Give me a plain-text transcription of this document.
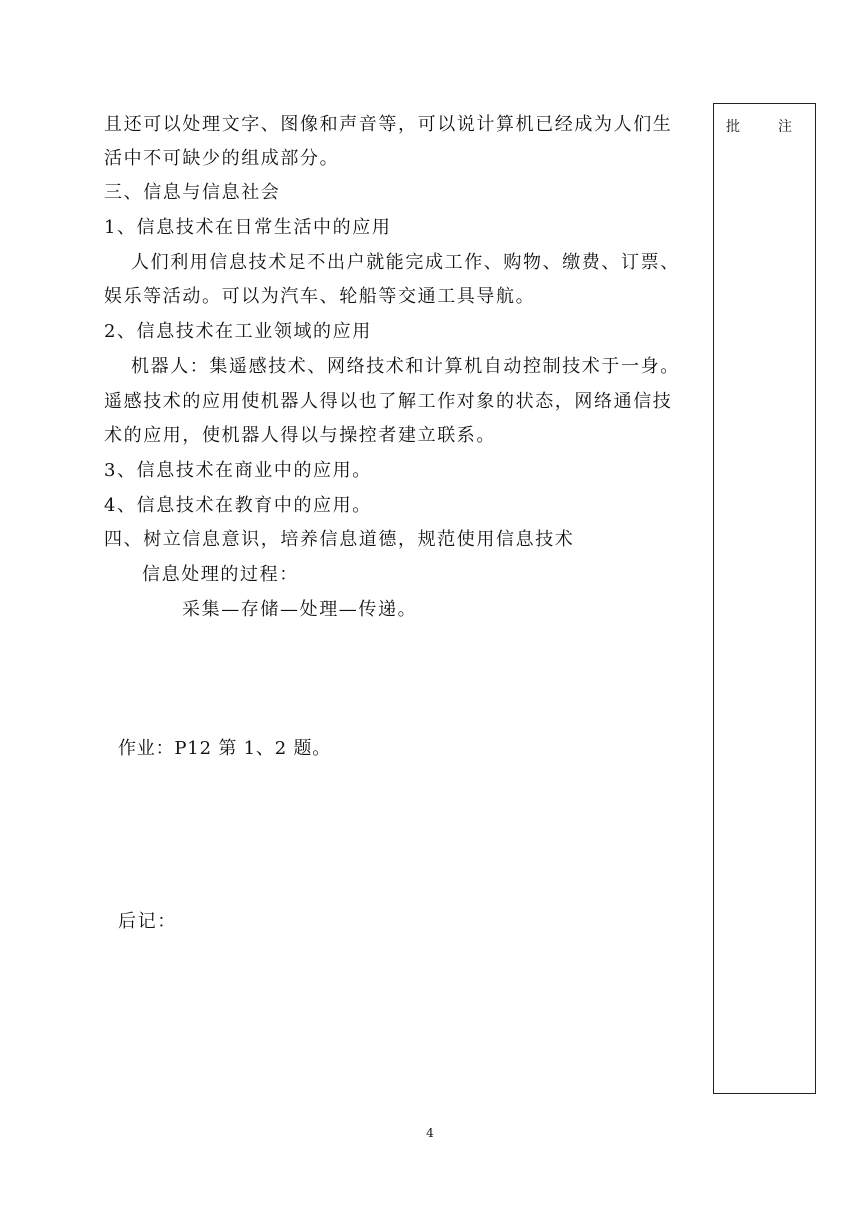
批	注
且还可以处理文字、图像和声音等，可以说计算机已经成为人们生
活中不可缺少的组成部分。
三、信息与信息社会
1、信息技术在日常生活中的应用
人们利用信息技术足不出户就能完成工作、购物、缴费、订票、
娱乐等活动。可以为汽车、轮船等交通工具导航。
2、信息技术在工业领域的应用
机器人：集遥感技术、网络技术和计算机自动控制技术于一身。
遥感技术的应用使机器人得以也了解工作对象的状态，网络通信技
术的应用，使机器人得以与操控者建立联系。
3、信息技术在商业中的应用。
4、信息技术在教育中的应用。
四、树立信息意识，培养信息道德，规范使用信息技术
信息处理的过程：
采集—存储—处理—传递。
作业：P12 第 1、2 题。
后记：
4
